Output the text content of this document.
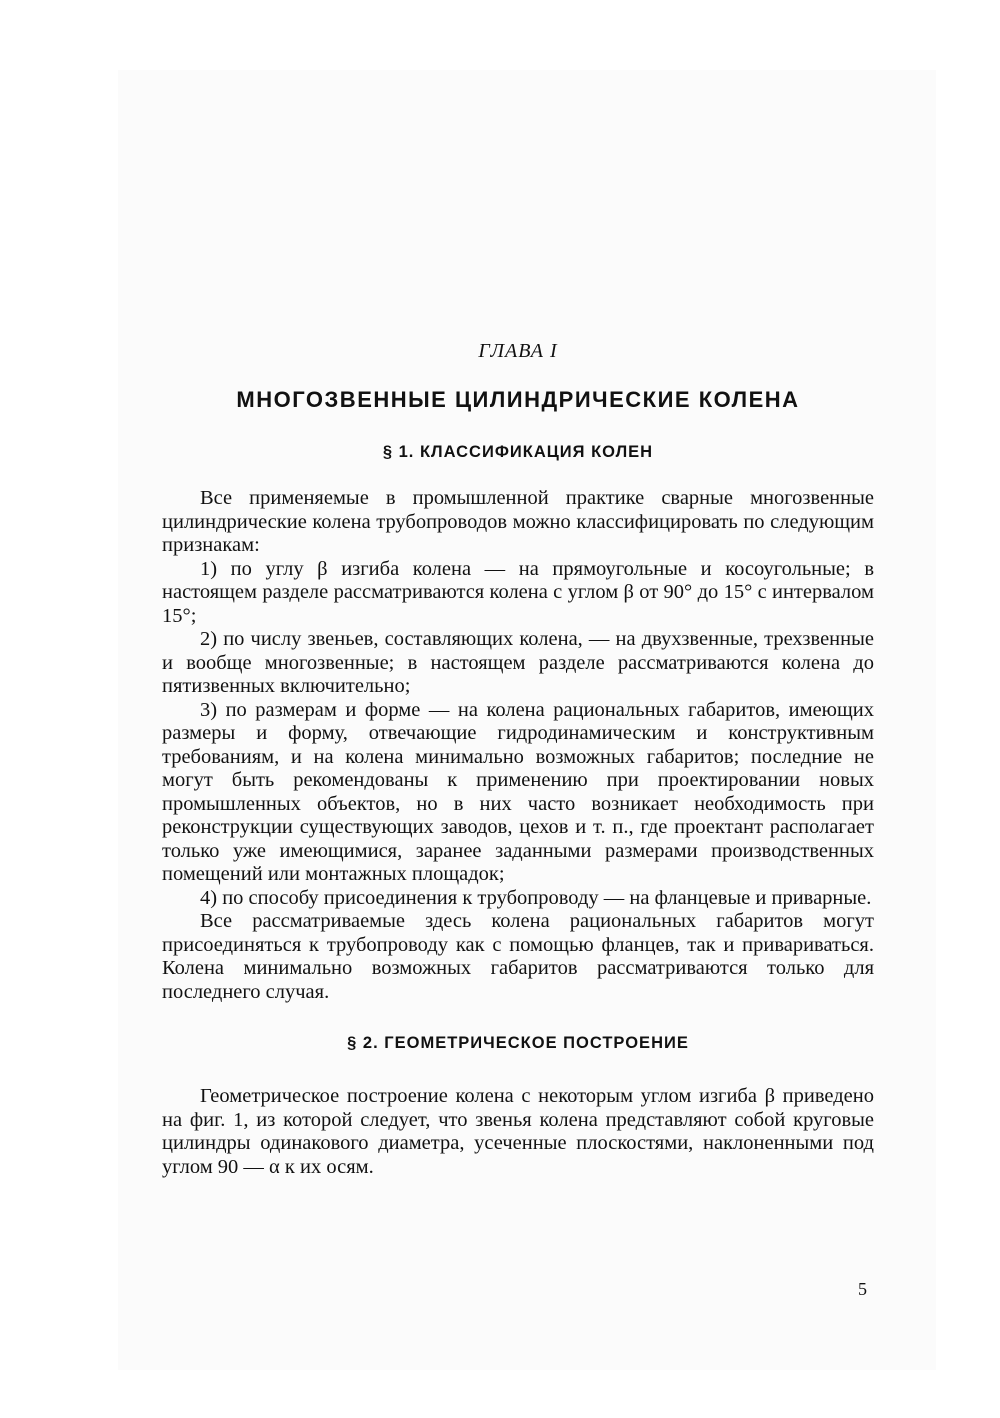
ГЛАВА I
МНОГОЗВЕННЫЕ ЦИЛИНДРИЧЕСКИЕ КОЛЕНА
§ 1. КЛАССИФИКАЦИЯ КОЛЕН

Все применяемые в промышленной практике сварные многозвенные цилиндрические колена трубопроводов можно классифицировать по следующим признакам:

1) по углу β изгиба колена — на прямоугольные и косоугольные; в настоящем разделе рассматриваются колена с углом β от 90° до 15° с интервалом 15°;

2) по числу звеньев, составляющих колена, — на двухзвенные, трехзвенные и вообще многозвенные; в настоящем разделе рассматриваются колена до пятизвенных включительно;

3) по размерам и форме — на колена рациональных габаритов, имеющих размеры и форму, отвечающие гидродинамическим и конструктивным требованиям, и на колена минимально возможных габаритов; последние не могут быть рекомендованы к применению при проектировании новых промышленных объектов, но в них часто возникает необходимость при реконструкции существующих заводов, цехов и т. п., где проектант располагает только уже имеющимися, заранее заданными размерами производственных помещений или монтажных площадок;

4) по способу присоединения к трубопроводу — на фланцевые и приварные.

Все рассматриваемые здесь колена рациональных габаритов могут присоединяться к трубопроводу как с помощью фланцев, так и привариваться. Колена минимально возможных габаритов рассматриваются только для последнего случая.

§ 2. ГЕОМЕТРИЧЕСКОЕ ПОСТРОЕНИЕ

Геометрическое построение колена с некоторым углом изгиба β приведено на фиг. 1, из которой следует, что звенья колена представляют собой круговые цилиндры одинакового диаметра, усеченные плоскостями, наклоненными под углом 90 — α к их осям.

5
